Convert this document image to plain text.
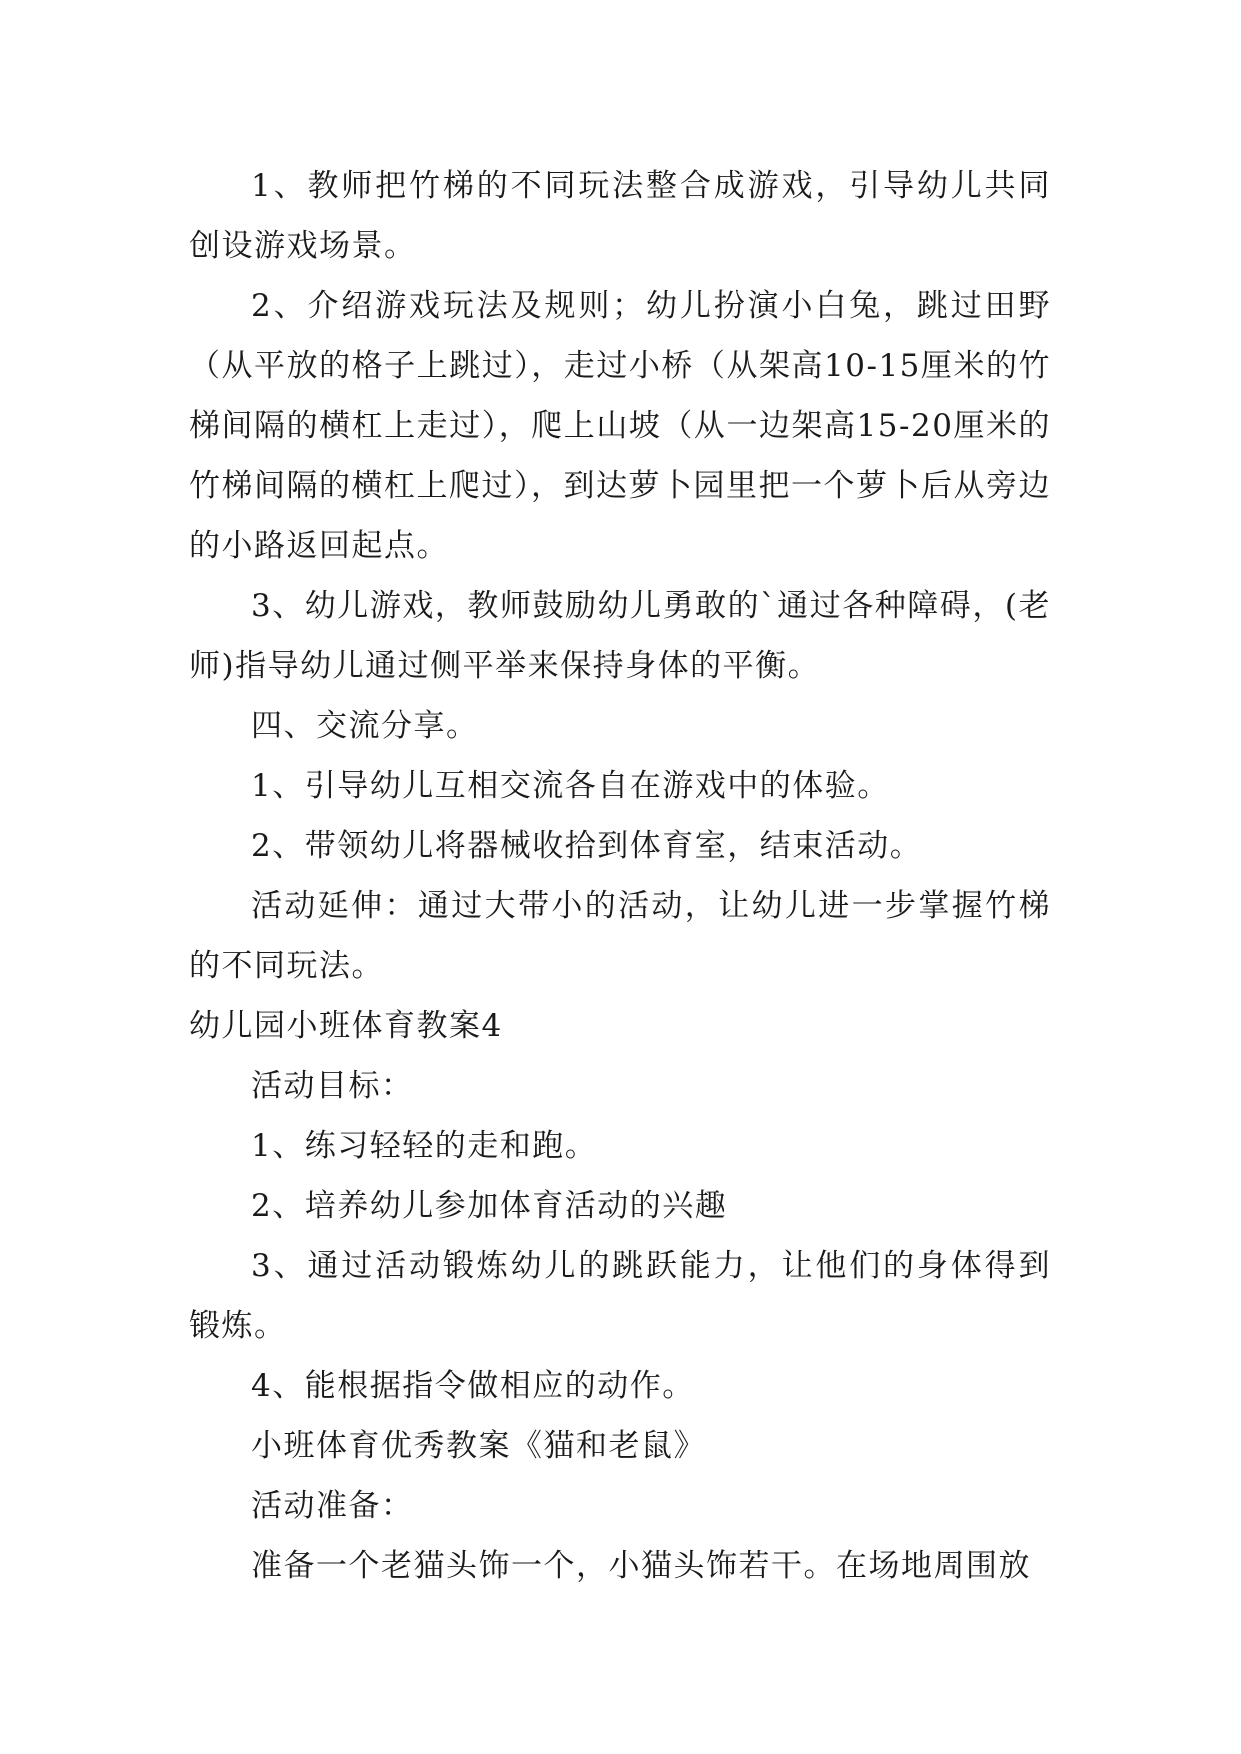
1、教师把竹梯的不同玩法整合成游戏，引导幼儿共同创设游戏场景。

2、介绍游戏玩法及规则；幼儿扮演小白兔，跳过田野（从平放的格子上跳过），走过小桥（从架高10-15厘米的竹梯间隔的横杠上走过），爬上山坡（从一边架高15-20厘米的竹梯间隔的横杠上爬过），到达萝卜园里把一个萝卜后从旁边的小路返回起点。

3、幼儿游戏，教师鼓励幼儿勇敢的`通过各种障碍，(老师)指导幼儿通过侧平举来保持身体的平衡。

四、交流分享。

1、引导幼儿互相交流各自在游戏中的体验。

2、带领幼儿将器械收拾到体育室，结束活动。

活动延伸：通过大带小的活动，让幼儿进一步掌握竹梯的不同玩法。

幼儿园小班体育教案4

活动目标：

1、练习轻轻的走和跑。

2、培养幼儿参加体育活动的兴趣

3、通过活动锻炼幼儿的跳跃能力，让他们的身体得到锻炼。

4、能根据指令做相应的动作。

小班体育优秀教案《猫和老鼠》

活动准备：

准备一个老猫头饰一个，小猫头饰若干。在场地周围放
